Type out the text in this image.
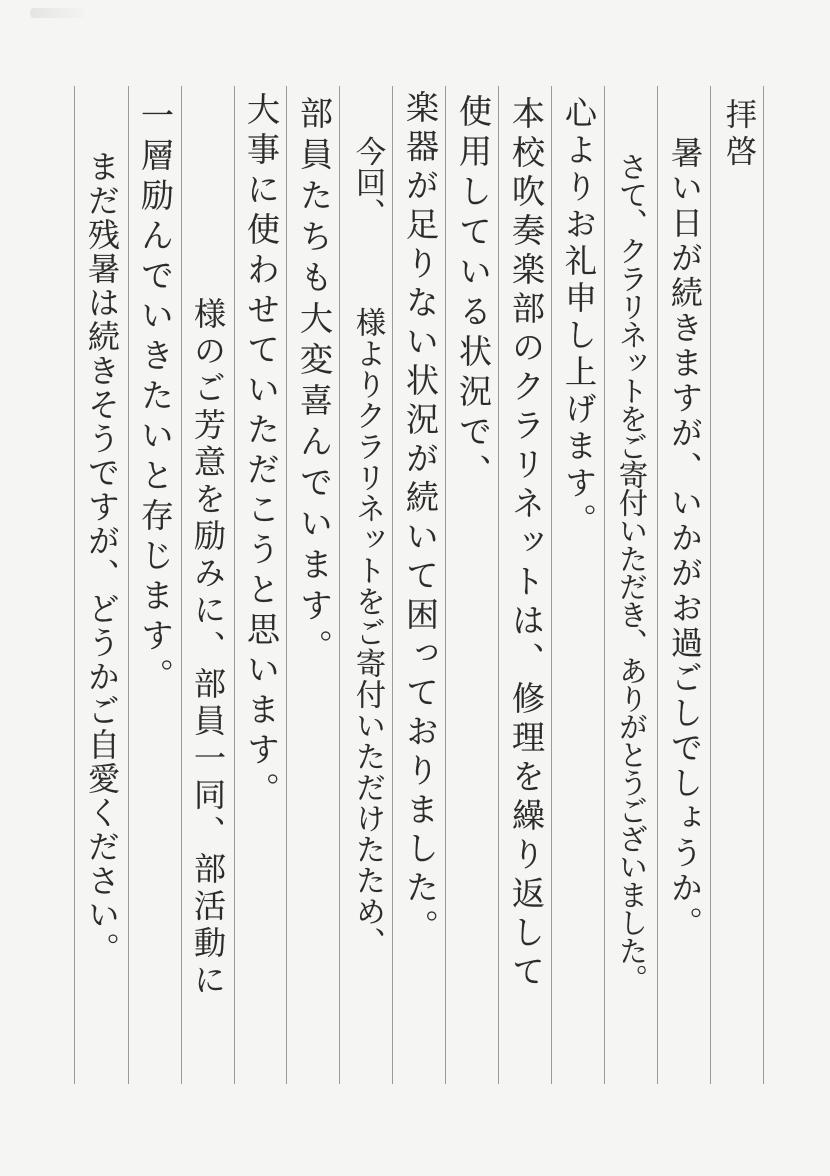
拝啓
暑い日が続きますが、いかがお過ごしでしょうか。
さて、クラリネットをご寄付いただき、ありがとうございました。
心よりお礼申し上げます。
本校吹奏楽部のクラリネットは、修理を繰り返して
使用している状況で、
楽器が足りない状況が続いて困っておりました。
今回、　　　様よりクラリネットをご寄付いただけたため、
部員たちも大変喜んでいます。
大事に使わせていただこうと思います。
　　　様のご芳意を励みに、部員一同、部活動に
一層励んでいきたいと存じます。
まだ残暑は続きそうですが、どうかご自愛ください。
